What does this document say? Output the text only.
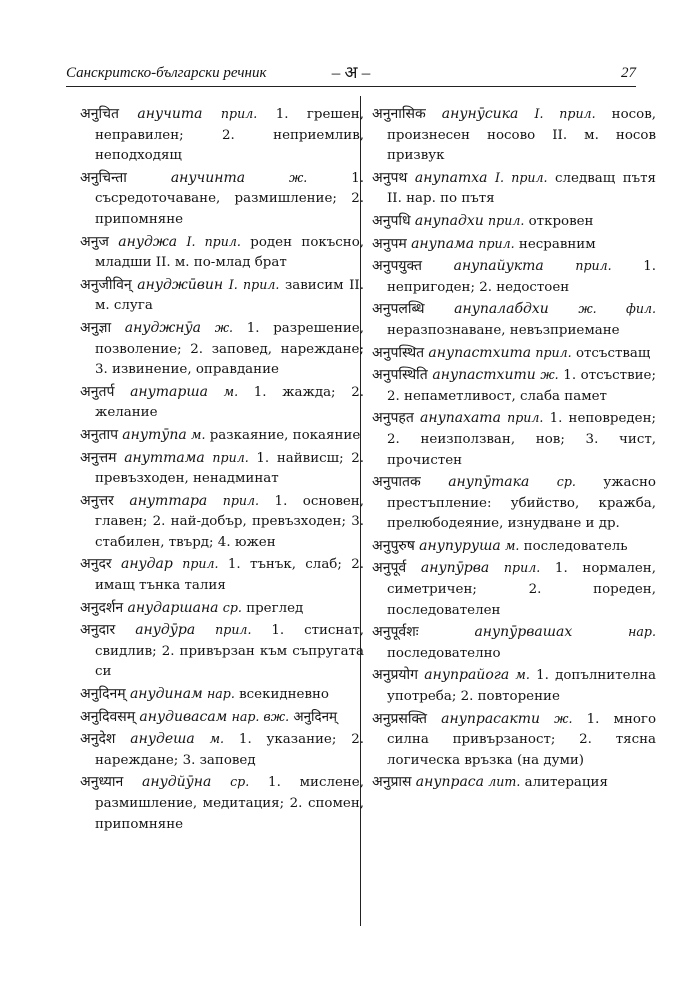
Санскритско-български речник	– अ –	27
अनुचित анучита прил. 1. грешен, неправилен; 2. неприемлив, неподходящ
अनुचिन्ता	анучинта	ж.	1. съсредоточаване, размишление; 2. припомняне
अनुज ануджа I. прил. роден покъсно, младши II. м. по-млад брат
अनुजीविन् ануджӣвин I. прил. зависим II. м. слуга
अनुज्ञा ануджнӯа ж. 1. разрешение, позволение; 2. заповед, нареждане; 3. извинение, оправдание
अनुतर्प анутарша м. 1. жажда; 2. желание
अनुताप анутӯпа м. разкаяние, покаяние
अनुत्तम ануттама прил. 1. найвисш; 2. превъзходен, ненадминат
अनुत्तर ануттара прил. 1. основен, главен; 2. най-добър, превъзходен; 3. стабилен, твърд; 4. южен
अनुदर анудар прил. 1. тънък, слаб; 2. имащ тънка талия
अनुदर्शन анударшана ср. преглед
अनुदार анудӯра прил. 1. стиснат, свидлив; 2. привързан към съпругата си
अनुदिनम् анудинам нар. всекидневно
अनुदिवसम् анудивасам нар. вж. अनुदिनम्
अनुदेश анудеша м. 1. указание; 2. нареждане; 3. заповед
अनुध्यान анудйӯна ср. 1. мислене, размишление, медитация; 2. спомен, припомняне
अनुनासिक анунӯсика I. прил. носов, произнесен носово II. м. носов призвук
अनुपथ анупатха I. прил. следващ пътя II. нар. по пътя
अनुपधि анупадхи прил. откровен
अनुपम анупама прил. несравним
अनुपयुक्त анупайукта	прил. 1. непригоден; 2. недостоен
अनुपलब्धि анупалабдхи ж. фил. неразпознаване, невъзприемане
अनुपस्थित анупастхита прил. отсъстващ
अनुपस्थिति анупастхити ж. 1. отсъствие; 2. непаметливост, слаба памет
अनुपहत анупахата прил. 1. неповреден; 2. неизползван, нов; 3. чист, прочистен
अनुपातक анупӯтака ср. ужасно престъпление: убийство, кражба, прелюбодеяние, изнудване и др.
अनुपुरुष анупуруша м. последователь
अनुपूर्व анупӯрва прил. 1. нормален, симетричен; 2. пореден, последователен
अनुपूर्वशः	анупӯрвашах	нар. последователно
अनुप्रयोग анупрайога м. 1. допълнителна употреба; 2. повторение
अनुप्रसक्ति анупрасакти ж. 1. много силна привързаност; 2. тясна логическа връзка (на думи)
अनुप्रास анупраса лит. алитерация
